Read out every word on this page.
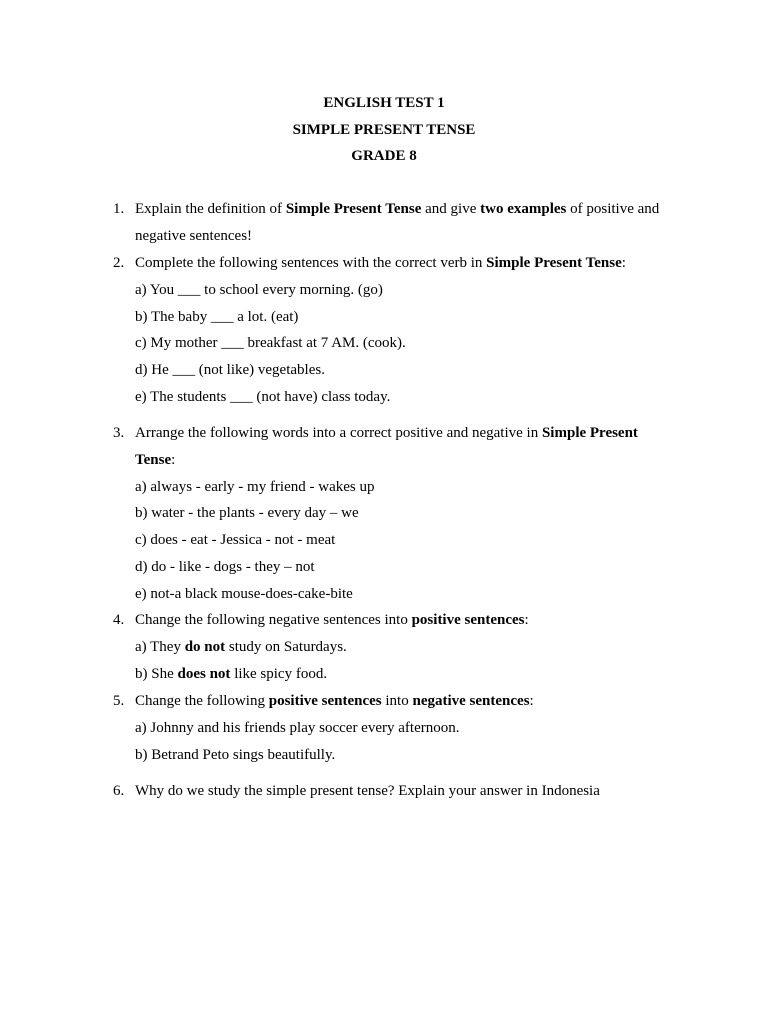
ENGLISH TEST 1
SIMPLE PRESENT TENSE
GRADE 8
1. Explain the definition of Simple Present Tense and give two examples of positive and
negative sentences!
2. Complete the following sentences with the correct verb in Simple Present Tense:
a) You ___ to school every morning. (go)
b) The baby ___ a lot. (eat)
c) My mother ___ breakfast at 7 AM. (cook).
d) He ___ (not like) vegetables.
e) The students ___ (not have) class today.
3. Arrange the following words into a correct positive and negative in Simple Present
Tense:
a) always - early - my friend - wakes up
b) water - the plants - every day – we
c) does - eat - Jessica - not - meat
d) do - like - dogs - they – not
e) not-a black mouse-does-cake-bite
4. Change the following negative sentences into positive sentences:
a) They do not study on Saturdays.
b) She does not like spicy food.
5. Change the following positive sentences into negative sentences:
a) Johnny and his friends play soccer every afternoon.
b) Betrand Peto sings beautifully.
6. Why do we study the simple present tense? Explain your answer in Indonesia
